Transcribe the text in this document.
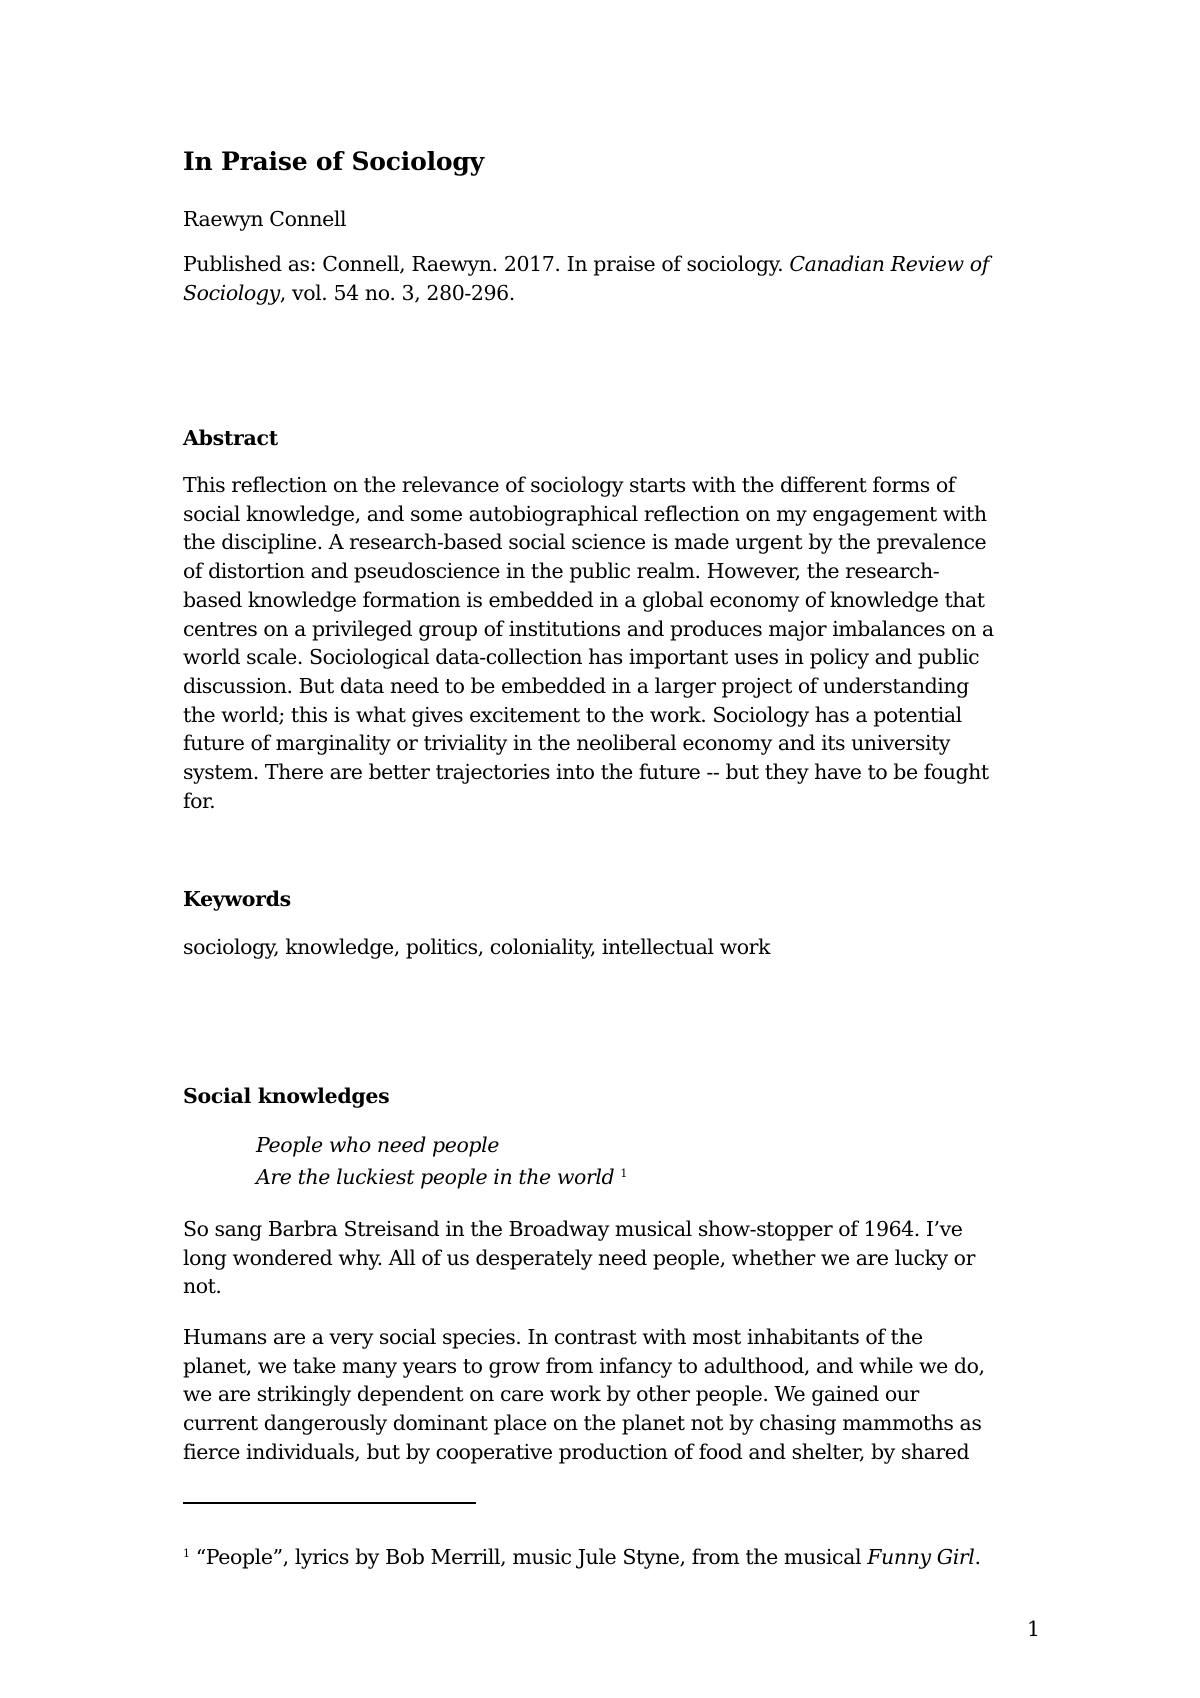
In Praise of Sociology
Raewyn Connell
Published as: Connell, Raewyn. 2017. In praise of sociology. Canadian Review of
Sociology, vol. 54 no. 3, 280-296.
Abstract
This reflection on the relevance of sociology starts with the different forms of
social knowledge, and some autobiographical reflection on my engagement with
the discipline. A research-based social science is made urgent by the prevalence
of distortion and pseudoscience in the public realm. However, the research-
based knowledge formation is embedded in a global economy of knowledge that
centres on a privileged group of institutions and produces major imbalances on a
world scale. Sociological data-collection has important uses in policy and public
discussion. But data need to be embedded in a larger project of understanding
the world; this is what gives excitement to the work. Sociology has a potential
future of marginality or triviality in the neoliberal economy and its university
system. There are better trajectories into the future -- but they have to be fought
for.
Keywords
sociology, knowledge, politics, coloniality, intellectual work
Social knowledges
People who need people
Are the luckiest people in the world $^1$
So sang Barbra Streisand in the Broadway musical show-stopper of 1964. I’ve
long wondered why. All of us desperately need people, whether we are lucky or
not.
Humans are a very social species. In contrast with most inhabitants of the
planet, we take many years to grow from infancy to adulthood, and while we do,
we are strikingly dependent on care work by other people. We gained our
current dangerously dominant place on the planet not by chasing mammoths as
fierce individuals, but by cooperative production of food and shelter, by shared
$^1$ “People”, lyrics by Bob Merrill, music Jule Styne, from the musical Funny Girl.
1
